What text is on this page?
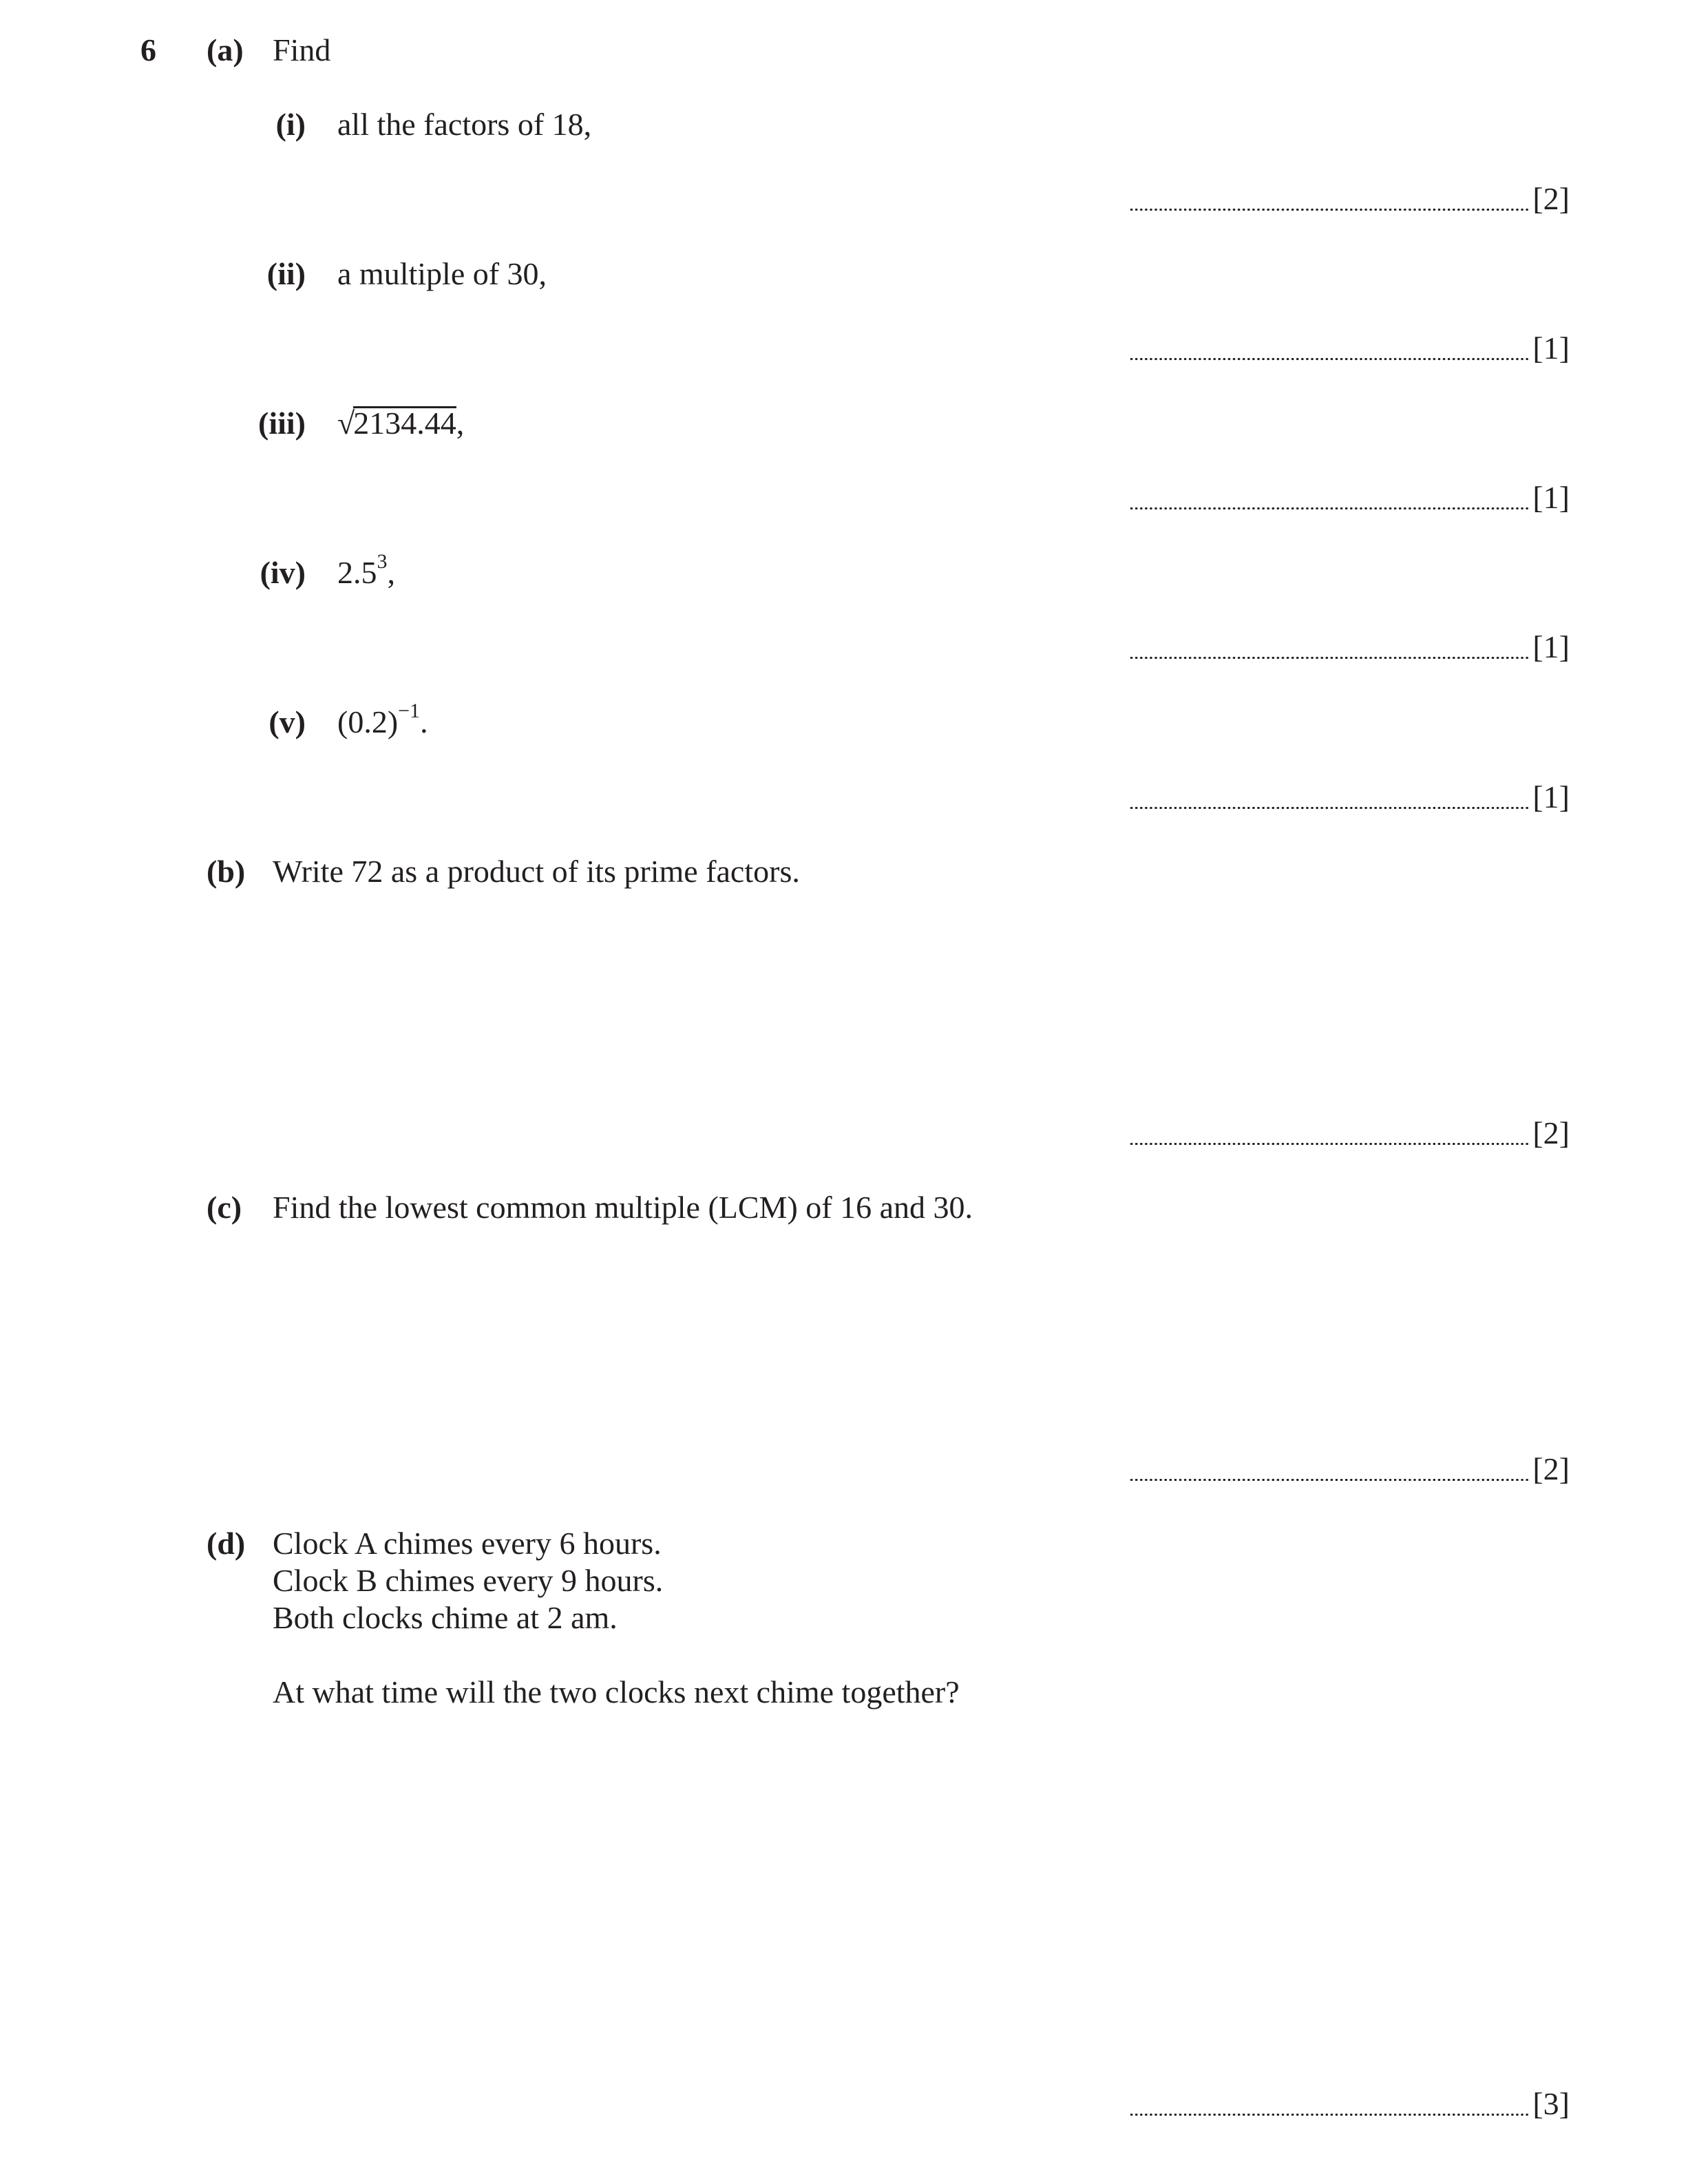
6 (a) Find
(i) all the factors of 18,
[2]
(ii) a multiple of 30,
[1]
(iii) √2134.44,
[1]
(iv) $2.5^3$,
[1]
(v) $(0.2)^{-1}$.
[1]
(b) Write 72 as a product of its prime factors.
[2]
(c) Find the lowest common multiple (LCM) of 16 and 30.
[2]
(d) Clock A chimes every 6 hours.
Clock B chimes every 9 hours.
Both clocks chime at 2 am.
At what time will the two clocks next chime together?
[3]
